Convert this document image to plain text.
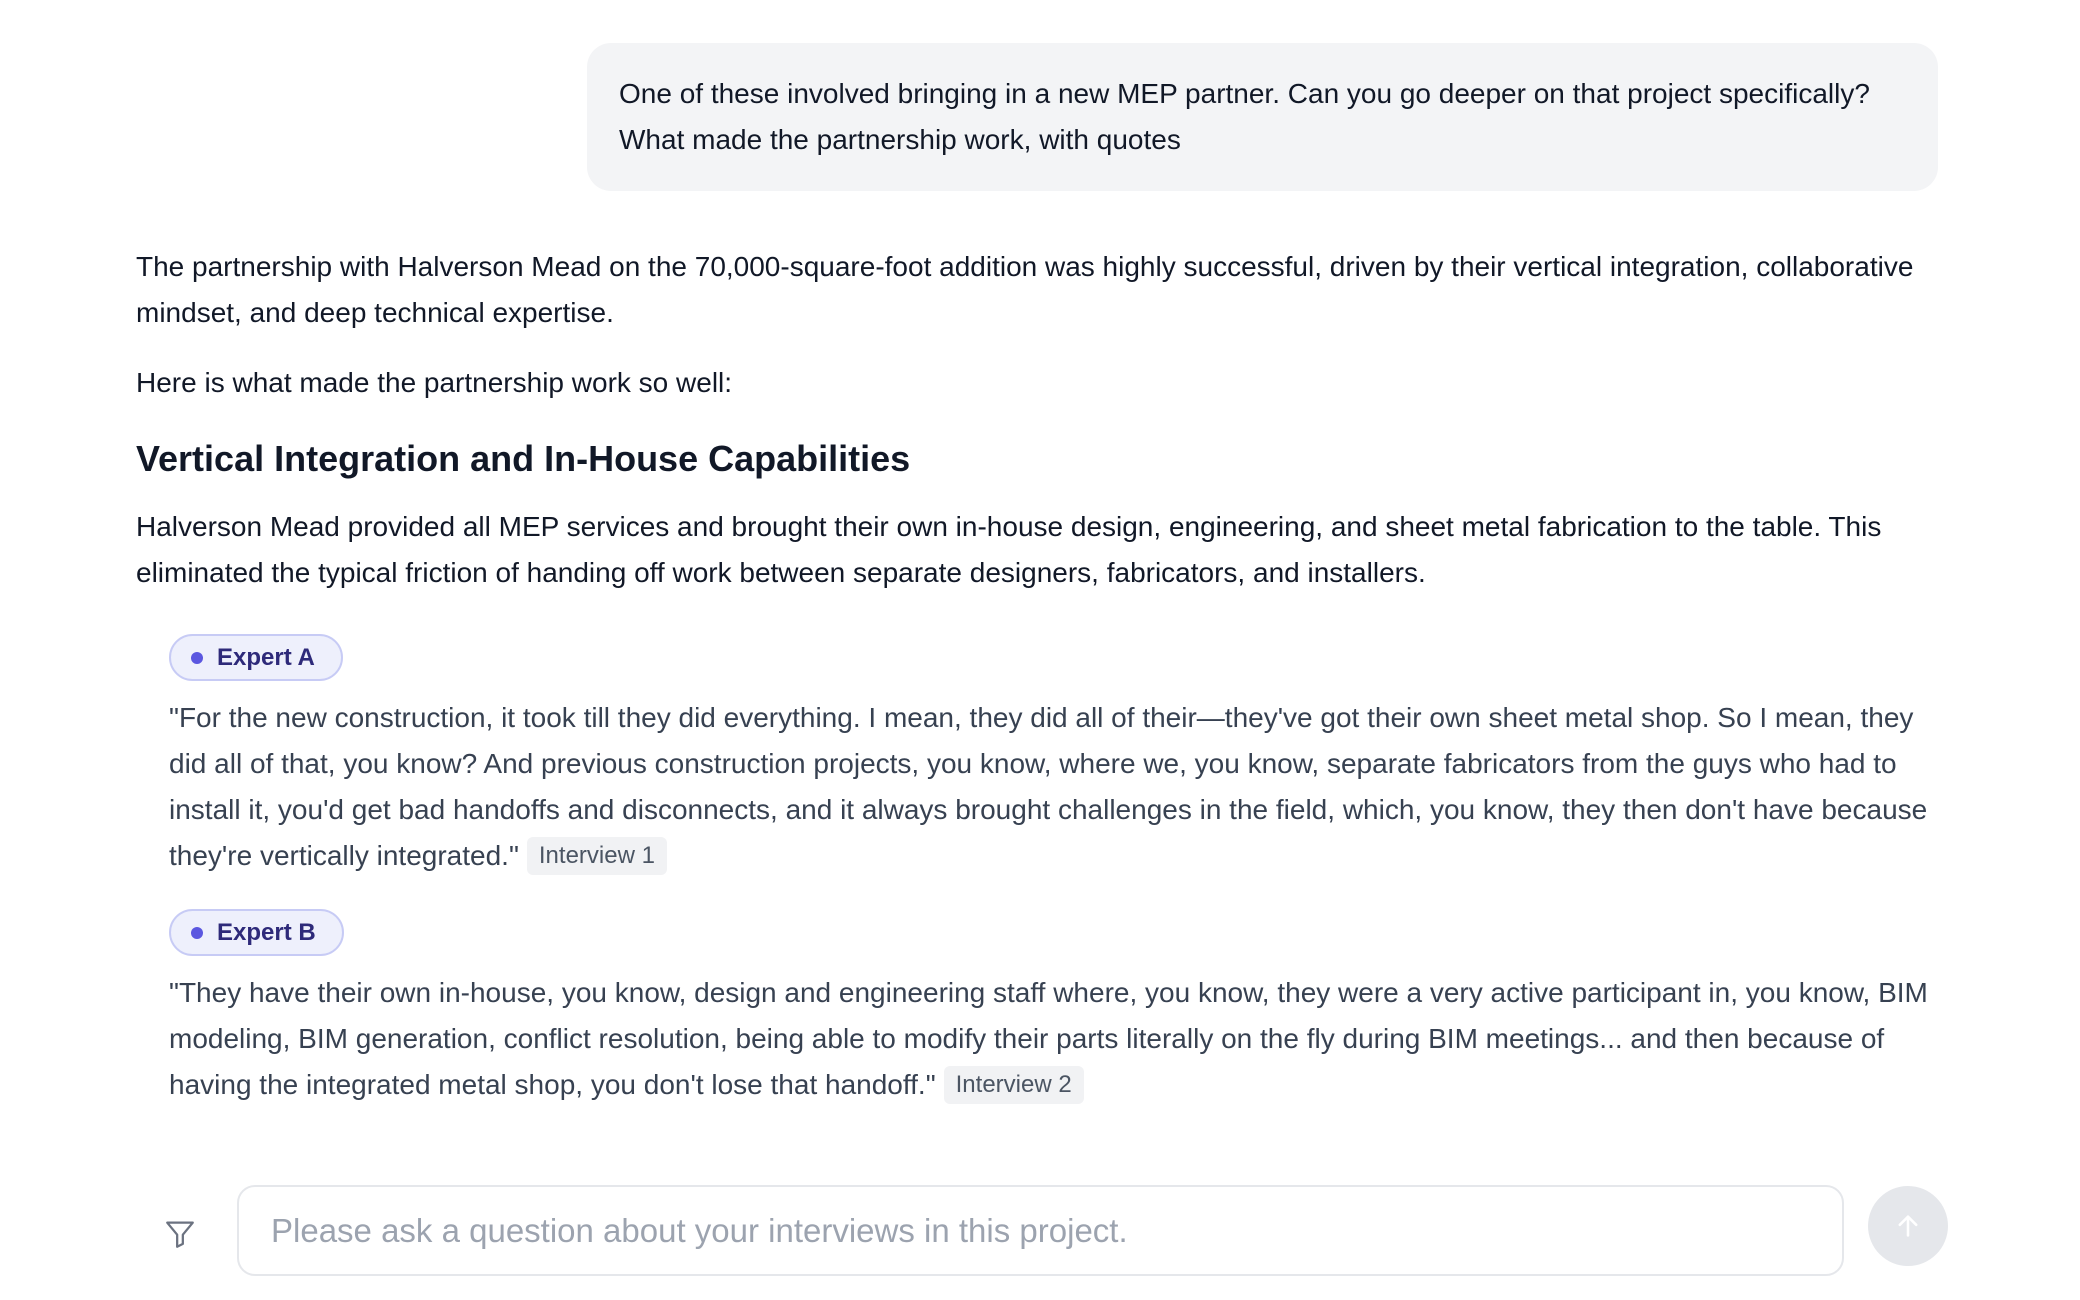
One of these involved bringing in a new MEP partner. Can you go deeper on that project specifically? What made the partnership work, with quotes

The partnership with Halverson Mead on the 70,000-square-foot addition was highly successful, driven by their vertical integration, collaborative mindset, and deep technical expertise.

Here is what made the partnership work so well:

Vertical Integration and In-House Capabilities

Halverson Mead provided all MEP services and brought their own in-house design, engineering, and sheet metal fabrication to the table. This eliminated the typical friction of handing off work between separate designers, fabricators, and installers.

Expert A

"For the new construction, it took till they did everything. I mean, they did all of their—they've got their own sheet metal shop. So I mean, they did all of that, you know? And previous construction projects, you know, where we, you know, separate fabricators from the guys who had to install it, you'd get bad handoffs and disconnects, and it always brought challenges in the field, which, you know, they then don't have because they're vertically integrated." Interview 1

Expert B

"They have their own in-house, you know, design and engineering staff where, you know, they were a very active participant in, you know, BIM modeling, BIM generation, conflict resolution, being able to modify their parts literally on the fly during BIM meetings... and then because of having the integrated metal shop, you don't lose that handoff." Interview 2

Please ask a question about your interviews in this project.
